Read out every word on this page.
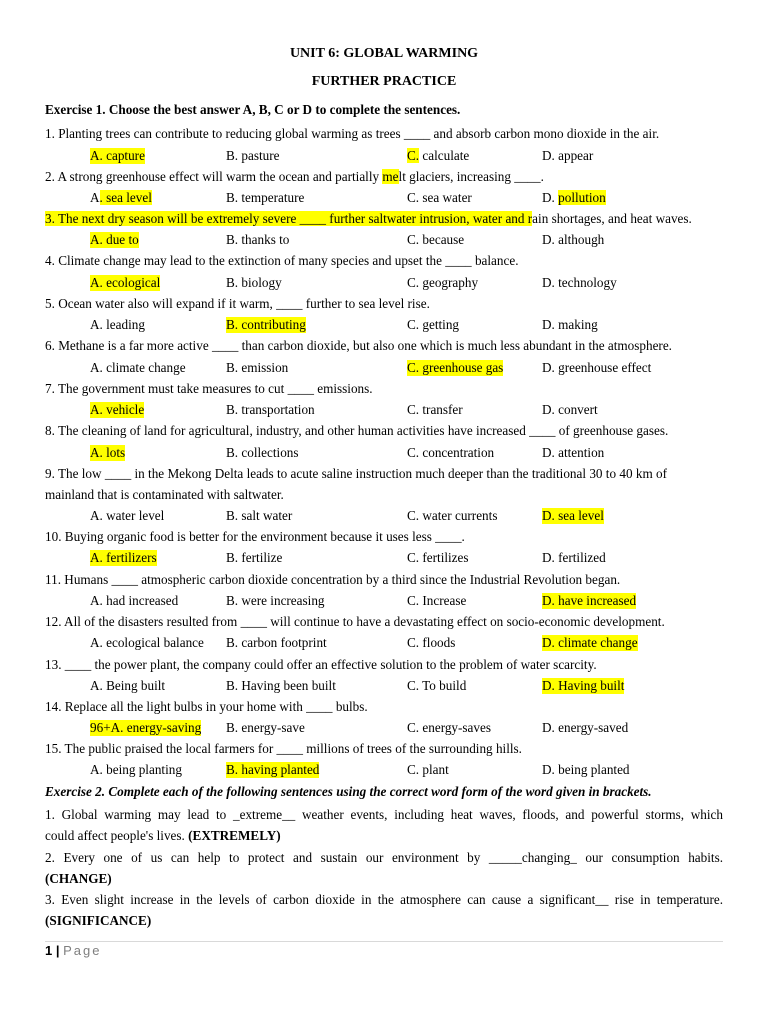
UNIT 6: GLOBAL WARMING
FURTHER PRACTICE
Exercise 1. Choose the best answer A, B, C or D to complete the sentences.
1. Planting trees can contribute to reducing global warming as trees ____ and absorb carbon mono dioxide in the air.
A. capture	B. pasture	C. calculate	D. appear
2. A strong greenhouse effect will warm the ocean and partially melt glaciers, increasing ____.
A. sea level	B. temperature	C. sea water	D. pollution
3. The next dry season will be extremely severe ____ further saltwater intrusion, water and rain shortages, and heat waves.
A. due to	B. thanks to	C. because	D. although
4. Climate change may lead to the extinction of many species and upset the ____ balance.
A. ecological	B. biology	C. geography	D. technology
5. Ocean water also will expand if it warm, ____ further to sea level rise.
A. leading	B. contributing	C. getting	D. making
6. Methane is a far more active ____ than carbon dioxide, but also one which is much less abundant in the atmosphere.
A. climate change	B. emission	C. greenhouse gas	D. greenhouse effect
7. The government must take measures to cut ____ emissions.
A. vehicle	B. transportation	C. transfer	D. convert
8. The cleaning of land for agricultural, industry, and other human activities have increased ____ of greenhouse gases.
A. lots	B. collections	C. concentration	D. attention
9. The low ____ in the Mekong Delta leads to acute saline instruction much deeper than the traditional 30 to 40 km of
mainland that is contaminated with saltwater.
A. water level	B. salt water	C. water currents	D. sea level
10. Buying organic food is better for the environment because it uses less ____.
A. fertilizers	B. fertilize	C. fertilizes	D. fertilized
11. Humans ____ atmospheric carbon dioxide concentration by a third since the Industrial Revolution began.
A. had increased	B. were increasing	C. Increase	D. have increased
12. All of the disasters resulted from ____ will continue to have a devastating effect on socio-economic development.
A. ecological balance B. carbon footprint	C. floods	D. climate change
13. ____ the power plant, the company could offer an effective solution to the problem of water scarcity.
A. Being built	B. Having been built	C. To build	D. Having built
14. Replace all the light bulbs in your home with ____ bulbs.
96+A. energy-saving B. energy-save	C. energy-saves	D. energy-saved
15. The public praised the local farmers for ____ millions of trees of the surrounding hills.
A. being planting	B. having planted	C. plant	D. being planted
Exercise 2. Complete each of the following sentences using the correct word form of the word given in brackets.
1. Global warming may lead to _extreme__ weather events, including heat waves, floods, and powerful storms, which
could affect people's lives. (EXTREMELY)
2. Every one of us can help to protect and sustain our environment by _____changing_ our consumption habits.
(CHANGE)
3. Even slight increase in the levels of carbon dioxide in the atmosphere can cause a significant__ rise in temperature.
(SIGNIFICANCE)
1 | Page
